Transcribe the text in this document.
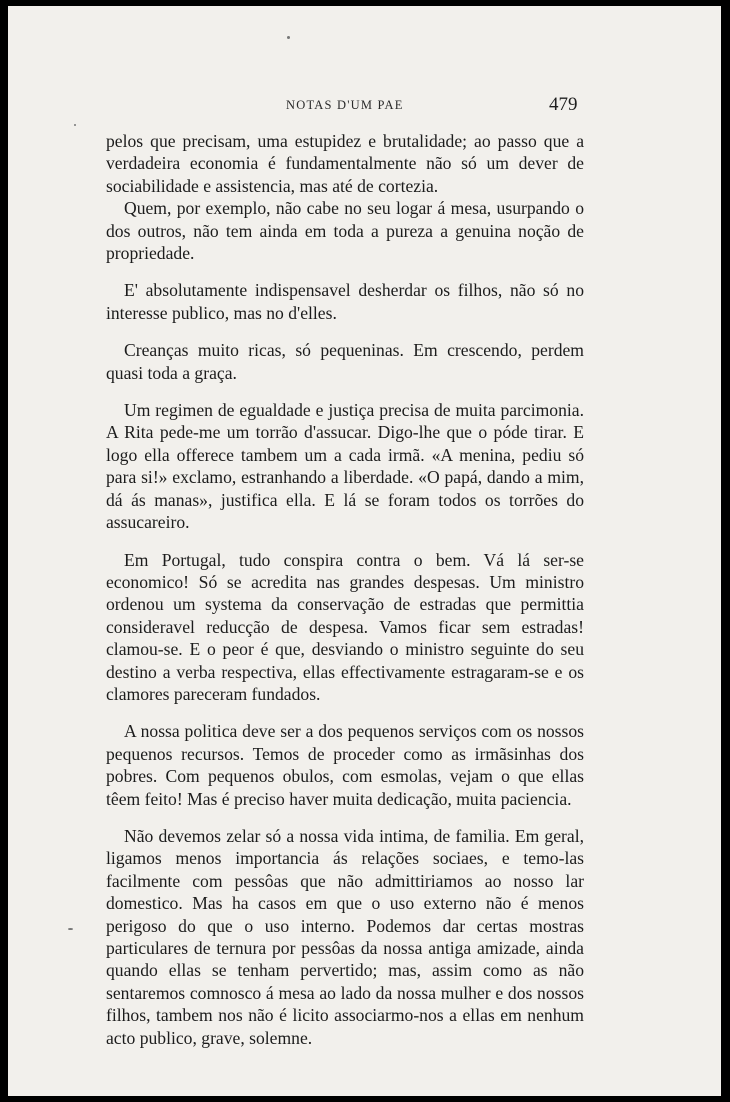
NOTAS D'UM PAE	479

pelos que precisam, uma estupidez e brutalidade; ao passo que a verdadeira economia é fundamentalmente não só um dever de sociabilidade e assistencia, mas até de cortezia.

Quem, por exemplo, não cabe no seu logar á mesa, usurpando o dos outros, não tem ainda em toda a pureza a genuina noção de propriedade.

E' absolutamente indispensavel desherdar os filhos, não só no interesse publico, mas no d'elles.

Creanças muito ricas, só pequeninas. Em crescendo, perdem quasi toda a graça.

Um regimen de egualdade e justiça precisa de muita parcimonia. A Rita pede-me um torrão d'assucar. Digo-lhe que o póde tirar. E logo ella offerece tambem um a cada irmã. «A menina, pediu só para si!» exclamo, estranhando a liberdade. «O papá, dando a mim, dá ás manas», justifica ella. E lá se foram todos os torrões do assucareiro.

Em Portugal, tudo conspira contra o bem. Vá lá ser-se economico! Só se acredita nas grandes despesas. Um ministro ordenou um systema da conservação de estradas que permittia consideravel reducção de despesa. Vamos ficar sem estradas! clamou-se. E o peor é que, desviando o ministro seguinte do seu destino a verba respectiva, ellas effectivamente estragaram-se e os clamores pareceram fundados.

A nossa politica deve ser a dos pequenos serviços com os nossos pequenos recursos. Temos de proceder como as irmãsinhas dos pobres. Com pequenos obulos, com esmolas, vejam o que ellas têem feito! Mas é preciso haver muita dedicação, muita paciencia.

Não devemos zelar só a nossa vida intima, de familia. Em geral, ligamos menos importancia ás relações sociaes, e temo-las facilmente com pessôas que não admittiriamos ao nosso lar domestico. Mas ha casos em que o uso externo não é menos perigoso do que o uso interno. Podemos dar certas mostras particulares de ternura por pessôas da nossa antiga amizade, ainda quando ellas se tenham pervertido; mas, assim como as não sentaremos comnosco á mesa ao lado da nossa mulher e dos nossos filhos, tambem nos não é licito associarmo-nos a ellas em nenhum acto publico, grave, solemne.
